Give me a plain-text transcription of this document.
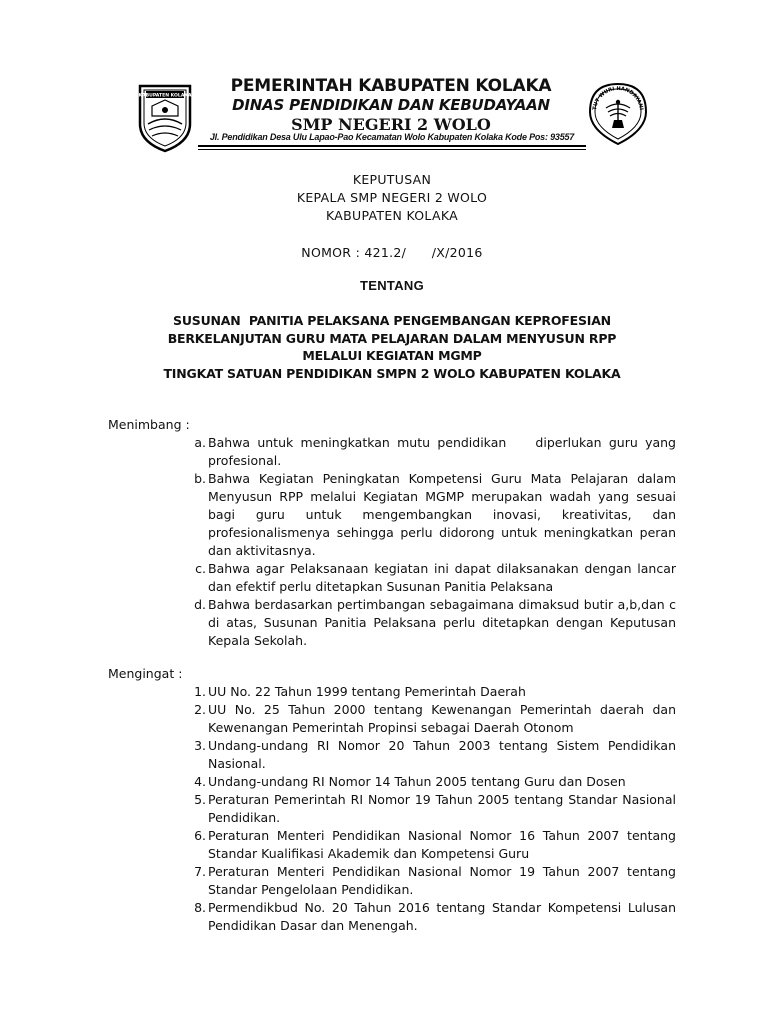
KABUPATEN KOLAKA	PEMERINTAH KABUPATEN KOLAKA
DINAS PENDIDIKAN DAN KEBUDAYAAN
SMP NEGERI 2 WOLO
Jl. Pendidikan Desa Ulu Lapao-Pao Kecamatan Wolo Kabupaten Kolaka Kode Pos: 93557
TUT WURI HANDAYANI
KEPUTUSAN
KEPALA SMP NEGERI 2 WOLO
KABUPATEN KOLAKA
NOMOR : 421.2/      /X/2016
TENTANG
SUSUNAN  PANITIA PELAKSANA PENGEMBANGAN KEPROFESIAN
BERKELANJUTAN GURU MATA PELAJARAN DALAM MENYUSUN RPP
MELALUI KEGIATAN MGMP
TINGKAT SATUAN PENDIDIKAN SMPN 2 WOLO KABUPATEN KOLAKA
Menimbang :
a. Bahwa untuk meningkatkan mutu pendidikan    diperlukan guru yang     profesional.
b. Bahwa Kegiatan Peningkatan Kompetensi Guru Mata Pelajaran dalam Menyusun RPP melalui Kegiatan MGMP merupakan wadah yang sesuai bagi guru untuk mengembangkan inovasi, kreativitas, dan profesionalismenya sehingga perlu didorong untuk meningkatkan peran dan aktivitasnya.
c. Bahwa agar Pelaksanaan kegiatan ini dapat dilaksanakan dengan lancar dan efektif perlu ditetapkan Susunan Panitia Pelaksana
d. Bahwa berdasarkan pertimbangan sebagaimana dimaksud butir a,b,dan c di atas, Susunan Panitia Pelaksana perlu ditetapkan dengan Keputusan Kepala Sekolah.
Mengingat :
1. UU No. 22 Tahun 1999 tentang Pemerintah Daerah
2. UU No. 25 Tahun 2000 tentang Kewenangan Pemerintah daerah dan Kewenangan Pemerintah Propinsi sebagai Daerah Otonom
3. Undang-undang RI Nomor 20 Tahun 2003 tentang Sistem Pendidikan Nasional.
4. Undang-undang RI Nomor 14 Tahun 2005 tentang Guru dan Dosen
5. Peraturan Pemerintah RI Nomor 19 Tahun 2005 tentang Standar Nasional Pendidikan.
6. Peraturan Menteri Pendidikan Nasional Nomor 16 Tahun 2007 tentang Standar Kualifikasi Akademik dan Kompetensi Guru
7. Peraturan Menteri Pendidikan Nasional Nomor 19 Tahun 2007 tentang Standar Pengelolaan Pendidikan.
8. Permendikbud No. 20 Tahun 2016 tentang Standar Kompetensi Lulusan Pendidikan Dasar dan Menengah.
